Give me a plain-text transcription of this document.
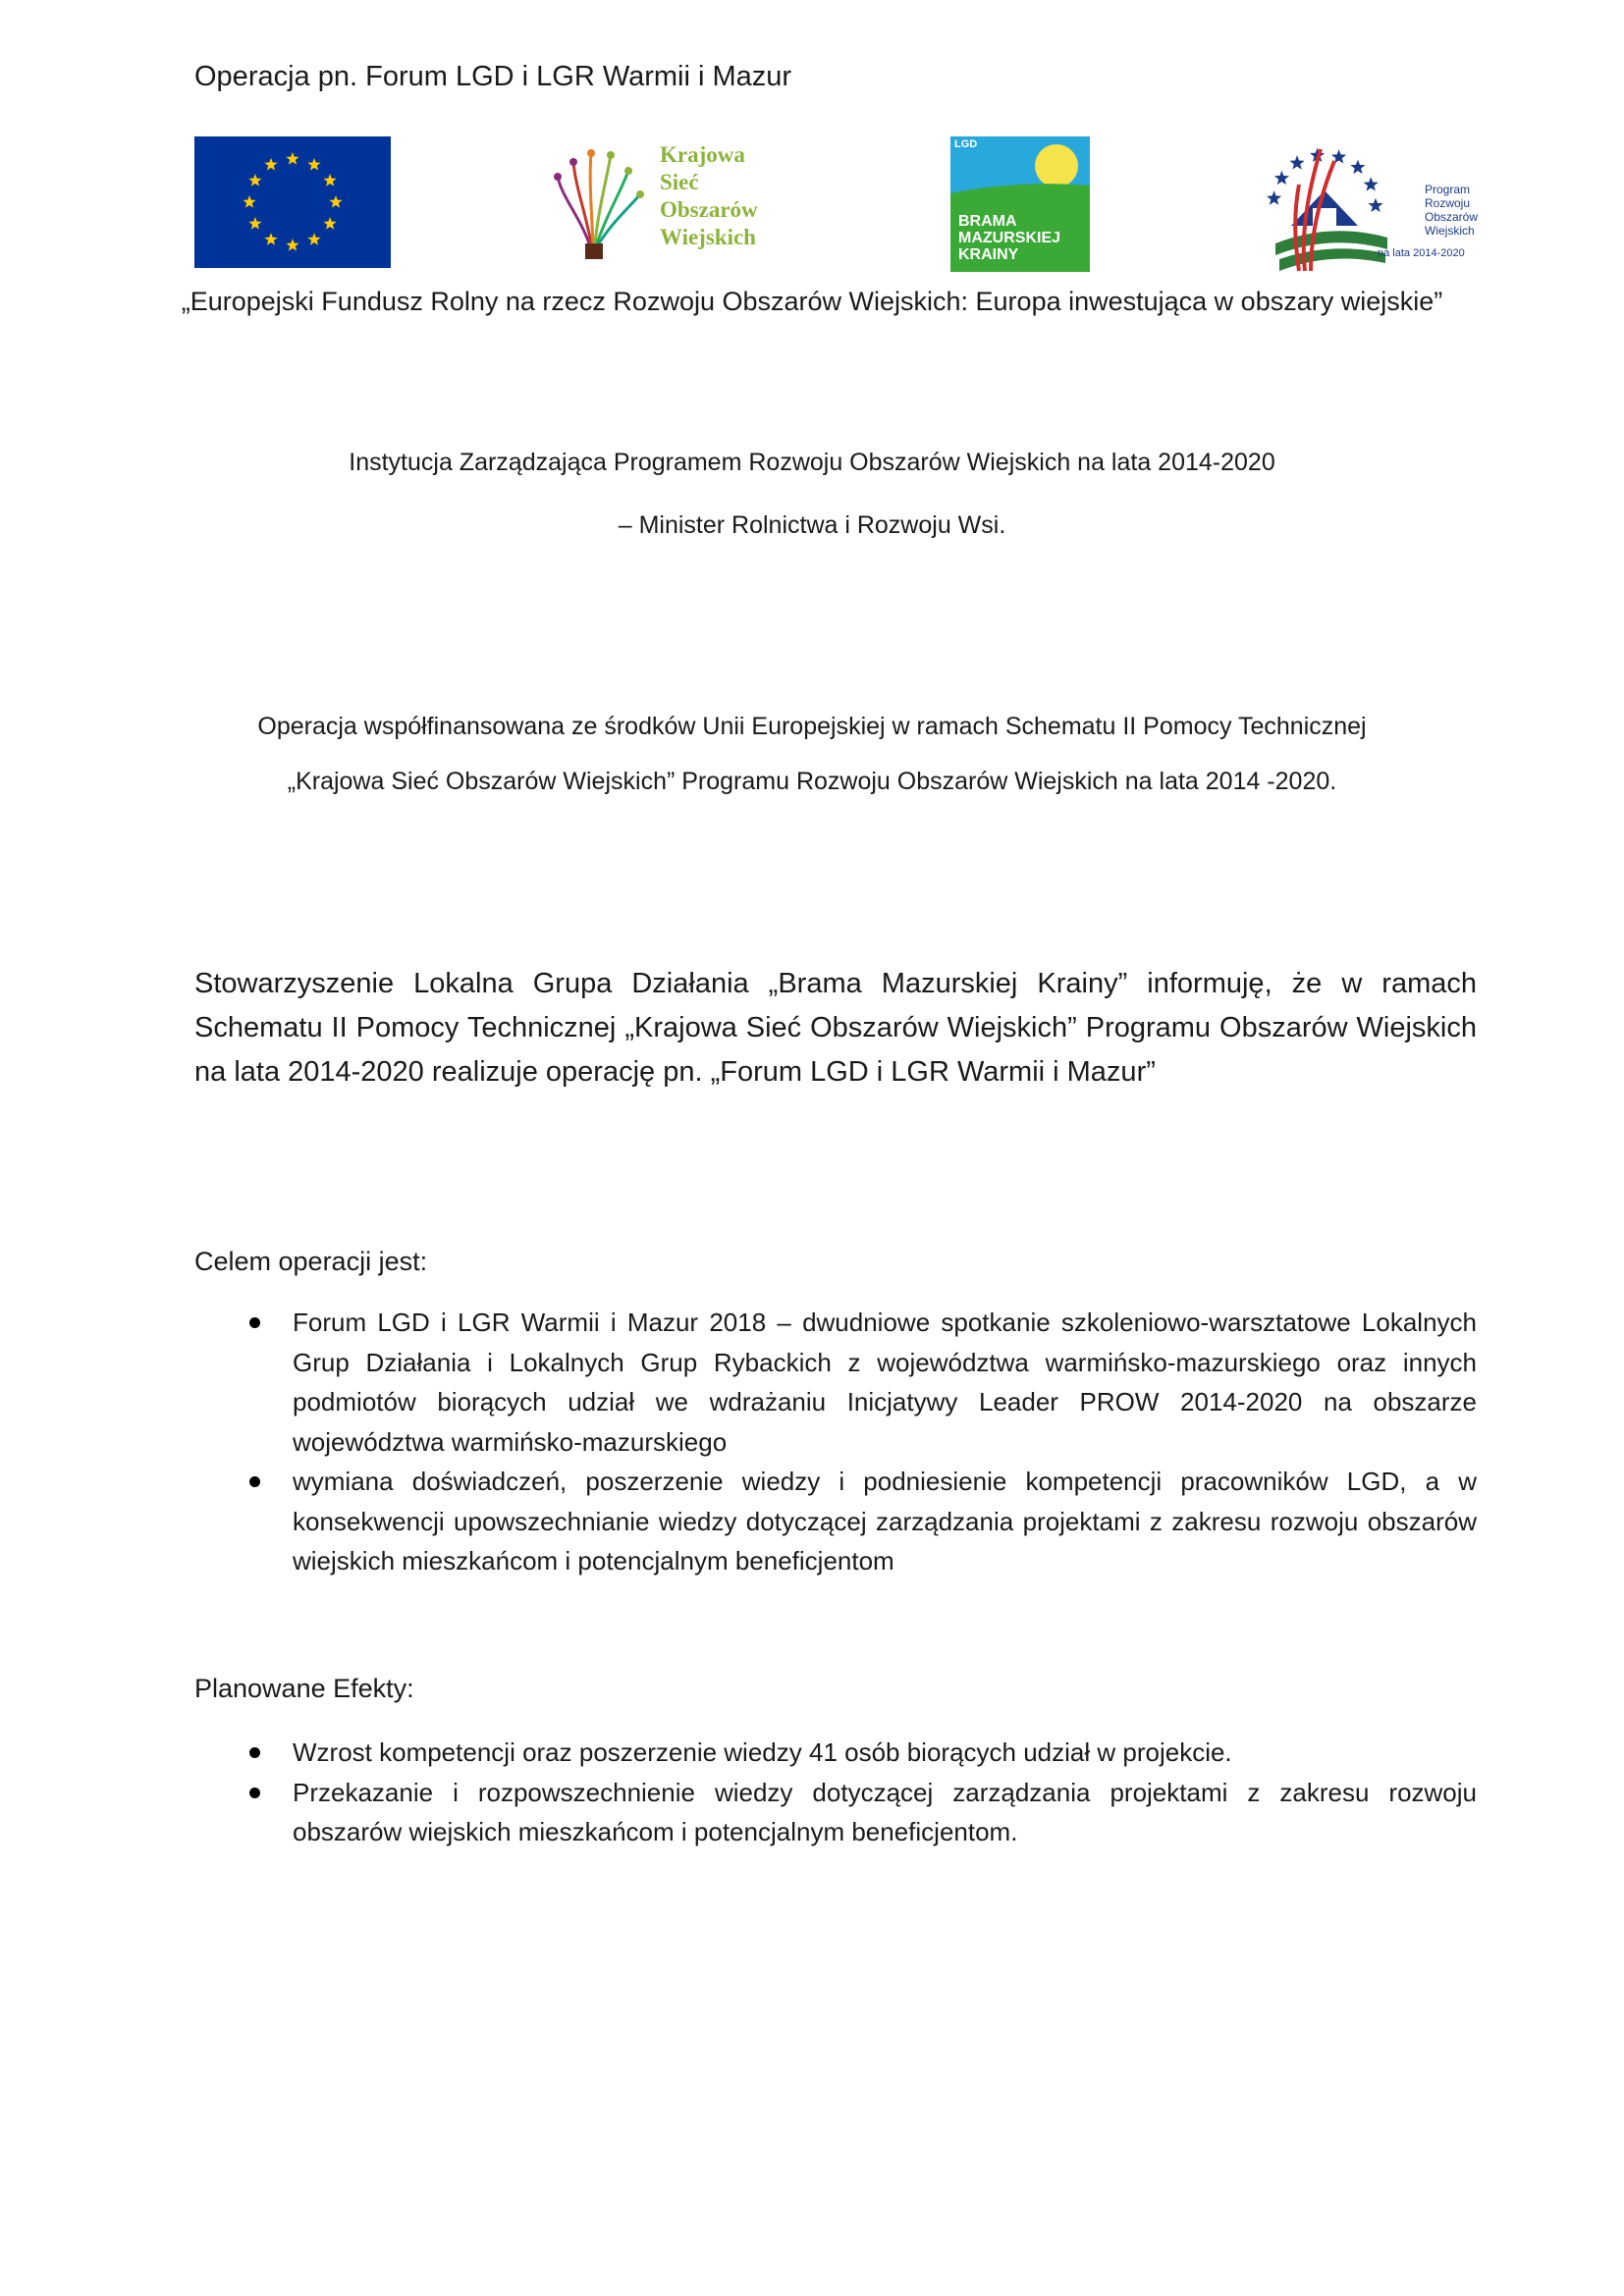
Operacja pn. Forum LGD i LGR Warmii i Mazur
Krajowa
Sieć
Obszarów
Wiejskich
LGD
BRAMA
MAZURSKIEJ
KRAINY
Program
Rozwoju
Obszarów
Wiejskich
na lata 2014-2020
„Europejski Fundusz Rolny na rzecz Rozwoju Obszarów Wiejskich: Europa inwestująca w obszary wiejskie”
Instytucja Zarządzająca Programem Rozwoju Obszarów Wiejskich na lata 2014-2020
– Minister Rolnictwa i Rozwoju Wsi.
Operacja współfinansowana ze środków Unii Europejskiej w ramach Schematu II Pomocy Technicznej
„Krajowa Sieć Obszarów Wiejskich” Programu Rozwoju Obszarów Wiejskich na lata 2014 -2020.
Stowarzyszenie Lokalna Grupa Działania „Brama Mazurskiej Krainy” informuję, że w ramach Schematu II Pomocy Technicznej „Krajowa Sieć Obszarów Wiejskich” Programu Obszarów Wiejskich na lata 2014-2020 realizuje operację pn. „Forum LGD i LGR Warmii i Mazur”
Celem operacji jest:
Forum LGD i LGR Warmii i Mazur 2018 – dwudniowe spotkanie szkoleniowo-warsztatowe Lokalnych Grup Działania i Lokalnych Grup Rybackich z województwa warmińsko-mazurskiego oraz innych podmiotów biorących udział we wdrażaniu Inicjatywy Leader PROW 2014-2020 na obszarze województwa warmińsko-mazurskiego
wymiana doświadczeń, poszerzenie wiedzy i podniesienie kompetencji pracowników LGD, a w konsekwencji upowszechnianie wiedzy dotyczącej zarządzania projektami z zakresu rozwoju obszarów wiejskich mieszkańcom i potencjalnym beneficjentom
Planowane Efekty:
Wzrost kompetencji oraz poszerzenie wiedzy 41 osób biorących udział w projekcie.
Przekazanie i rozpowszechnienie wiedzy dotyczącej zarządzania projektami z zakresu rozwoju obszarów wiejskich mieszkańcom i potencjalnym beneficjentom.
